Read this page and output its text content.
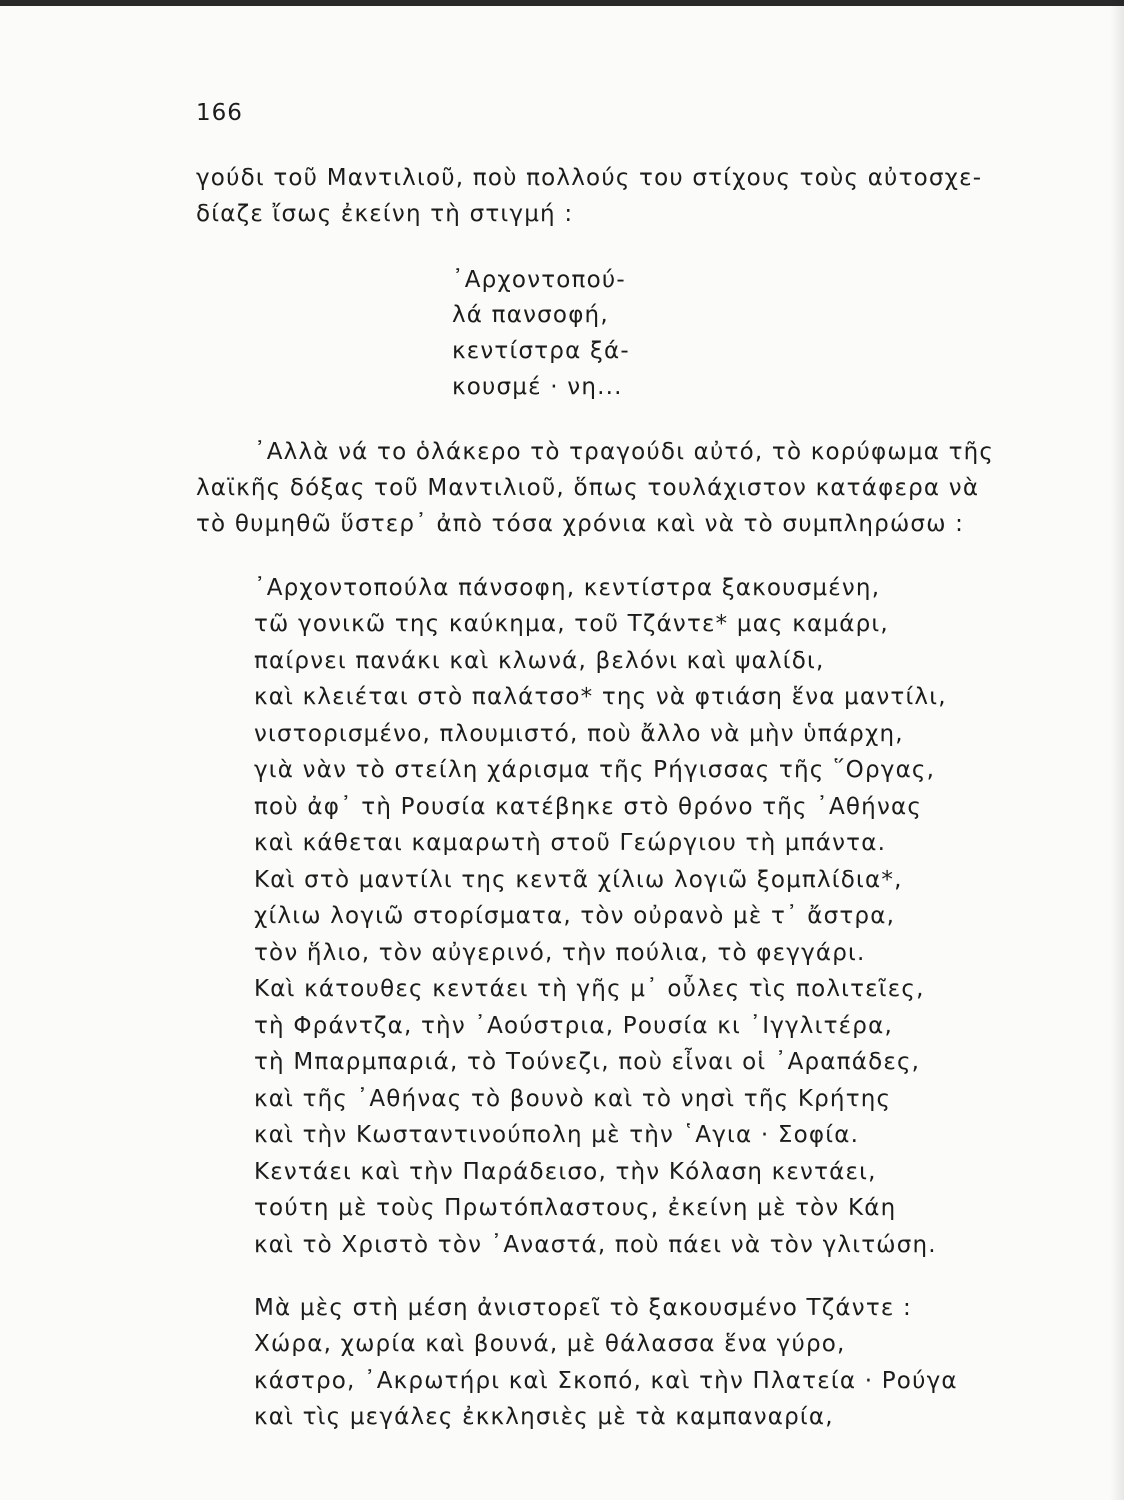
166
γούδι τοῦ Μαντιλιοῦ, ποὺ πολλούς του στίχους τοὺς αὐτοσχε-
δίαζε ἴσως ἐκείνη τὴ στιγμή :
᾿Αρχοντοπού-
λά πανσοφή,
κεντίστρα ξά-
κουσμέ · νη...
᾿Αλλὰ νά το ὁλάκερο τὸ τραγούδι αὐτό, τὸ κορύφωμα τῆς
λαϊκῆς δόξας τοῦ Μαντιλιοῦ, ὅπως τουλάχιστον κατάφερα νὰ
τὸ θυμηθῶ ὕστερ᾿ ἀπὸ τόσα χρόνια καὶ νὰ τὸ συμπληρώσω :
᾿Αρχοντοπούλα πάνσοφη, κεντίστρα ξακουσμένη,
τῶ γονικῶ της καύκημα, τοῦ Τζάντε* μας καμάρι,
παίρνει πανάκι καὶ κλωνά, βελόνι καὶ ψαλίδι,
καὶ κλειέται στὸ παλάτσο* της νὰ φτιάση ἕνα μαντίλι,
νιστορισμένο, πλουμιστό, ποὺ ἄλλο νὰ μὴν ὑπάρχη,
γιὰ νὰν τὸ στείλη χάρισμα τῆς Ρήγισσας τῆς ῞Οργας,
ποὺ ἀφ᾿ τὴ Ρουσία κατέβηκε στὸ θρόνο τῆς ᾿Αθήνας
καὶ κάθεται καμαρωτὴ στοῦ Γεώργιου τὴ μπάντα.
Καὶ στὸ μαντίλι της κεντᾶ χίλιω λογιῶ ξομπλίδια*,
χίλιω λογιῶ στορίσματα, τὸν οὐρανὸ μὲ τ᾿ ἄστρα,
τὸν ἥλιο, τὸν αὐγερινό, τὴν πούλια, τὸ φεγγάρι.
Καὶ κάτουθες κεντάει τὴ γῆς μ᾿ οὖλες τὶς πολιτεῖες,
τὴ Φράντζα, τὴν ᾿Αούστρια, Ρουσία κι ᾿Ιγγλιτέρα,
τὴ Μπαρμπαριά, τὸ Τούνεζι, ποὺ εἶναι οἱ ᾿Αραπάδες,
καὶ τῆς ᾿Αθήνας τὸ βουνὸ καὶ τὸ νησὶ τῆς Κρήτης
καὶ τὴν Κωσταντινούπολη μὲ τὴν ῾Αγια · Σοφία.
Κεντάει καὶ τὴν Παράδεισο, τὴν Κόλαση κεντάει,
τούτη μὲ τοὺς Πρωτόπλαστους, ἐκείνη μὲ τὸν Κάη
καὶ τὸ Χριστὸ τὸν ᾿Αναστά, ποὺ πάει νὰ τὸν γλιτώση.
Μὰ μὲς στὴ μέση ἀνιστορεῖ τὸ ξακουσμένο Τζάντε :
Χώρα, χωρία καὶ βουνά, μὲ θάλασσα ἕνα γύρο,
κάστρο, ᾿Ακρωτήρι καὶ Σκοπό, καὶ τὴν Πλατεία · Ρούγα
καὶ τὶς μεγάλες ἐκκλησιὲς μὲ τὰ καμπαναρία,
